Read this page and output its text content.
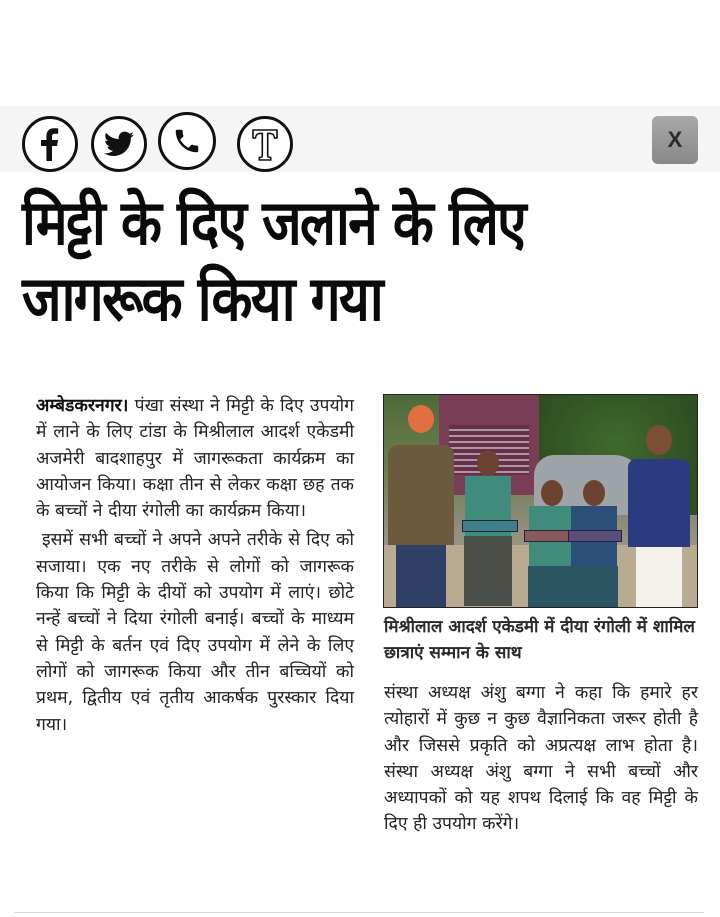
X
मिट्टी के दिए जलाने के लिए जागरूक किया गया

अम्बेडकरनगर। पंखा संस्था ने मिट्टी के दिए उपयोग में लाने के लिए टांडा के मिश्रीलाल आदर्श एकेडमी अजमेरी बादशाहपुर में जागरूकता कार्यक्रम का आयोजन किया। कक्षा तीन से लेकर कक्षा छह तक के बच्चों ने दीया रंगोली का कार्यक्रम किया।

इसमें सभी बच्चों ने अपने अपने तरीके से दिए को सजाया। एक नए तरीके से लोगों को जागरूक किया कि मिट्टी के दीयों को उपयोग में लाएं। छोटे नन्हें बच्चों ने दिया रंगोली बनाई। बच्चों के माध्यम से मिट्टी के बर्तन एवं दिए उपयोग में लेने के लिए लोगों को जागरूक किया और तीन बच्चियों को प्रथम, द्वितीय एवं तृतीय आकर्षक पुरस्कार दिया गया।

मिश्रीलाल आदर्श एकेडमी में दीया रंगोली में शामिल छात्राएं सम्मान के साथ

संस्था अध्यक्ष अंशु बग्गा ने कहा कि हमारे हर त्योहारों में कुछ न कुछ वैज्ञानिकता जरूर होती है और जिससे प्रकृति को अप्रत्यक्ष लाभ होता है। संस्था अध्यक्ष अंशु बग्गा ने सभी बच्चों और अध्यापकों को यह शपथ दिलाई कि वह मिट्टी के दिए ही उपयोग करेंगे।
